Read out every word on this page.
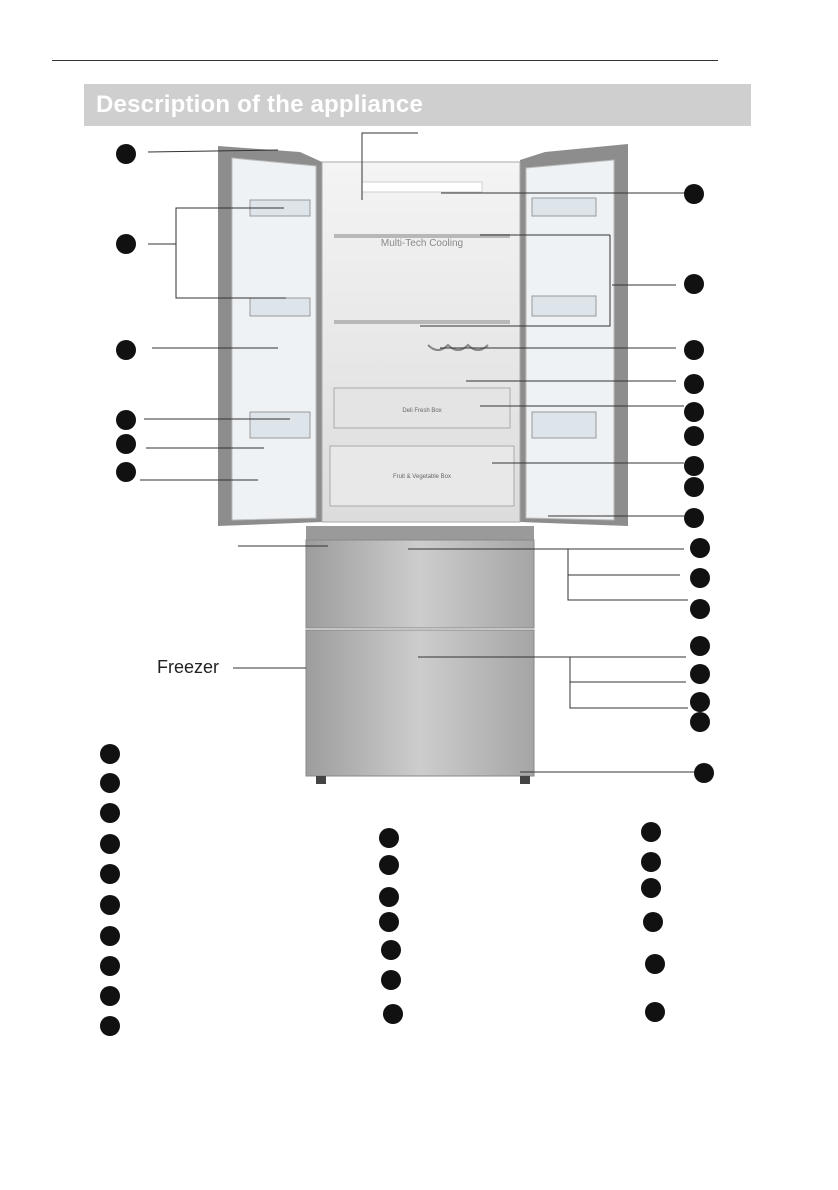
Description of the appliance
Multi-Tech Cooling
Deli Fresh Box
Fruit & Vegetable Box
Freezer
